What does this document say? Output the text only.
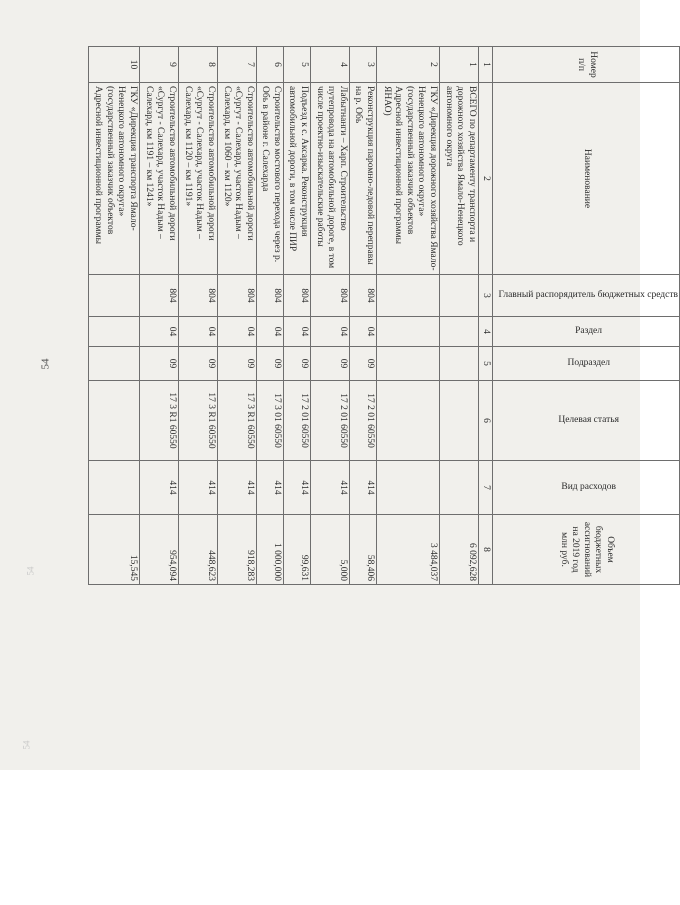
54
54
54
Номер п/п	Наименование	Главный распорядитель бюджетных средств	Раздел	Подраздел	Целевая статья	Вид расходов	Объем бюджетных ассигнований на 2019 год млн руб.
1	2	3	4	5	6	7	8
1	ВСЕГО по департаменту транспорта и дорожного хозяйства Ямало-Ненецкого автономного округа						6 092,628
2	ГКУ «Дирекция дорожного хозяйства Ямало-Ненецкого автономного округа» (государственный заказчик объектов Адресной инвестиционной программы ЯНАО)						3 484,037
3	Реконструкция паромно-ледовой переправы на р. Обь	804	04	09	17 2 01 60550	414	58,406
4	Лабытнанги – Харп. Строительство путепровода на автомобильной дороге, в том числе проектно-изыскательские работы	804	04	09	17 2 01 60550	414	5,000
5	Подъезд к с. Аксарка. Реконструкция автомобильной дороги, в том числе ПИР	804	04	09	17 2 01 60550	414	99,631
6	Строительство мостового перехода через р. Обь в районе г. Салехарда	804	04	09	17 3 01 60550	414	1 000,000
7	Строительство автомобильной дороги «Сургут - Салехард, участок Надым – Салехард, км 1060 – км 1120»	804	04	09	17 3 R1 60550	414	918,283
8	Строительство автомобильной дороги «Сургут - Салехард, участок Надым – Салехард, км 1120 – км 1191»	804	04	09	17 3 R1 60550	414	448,623
9	Строительство автомобильной дороги «Сургут - Салехард, участок Надым – Салехард, км 1191 – км 1241»	804	04	09	17 3 R1 60550	414	954,094
10	ГКУ «Дирекция транспорта Ямало-Ненецкого автономного округа» (государственный заказчик объектов Адресной инвестиционной программы						15,545
